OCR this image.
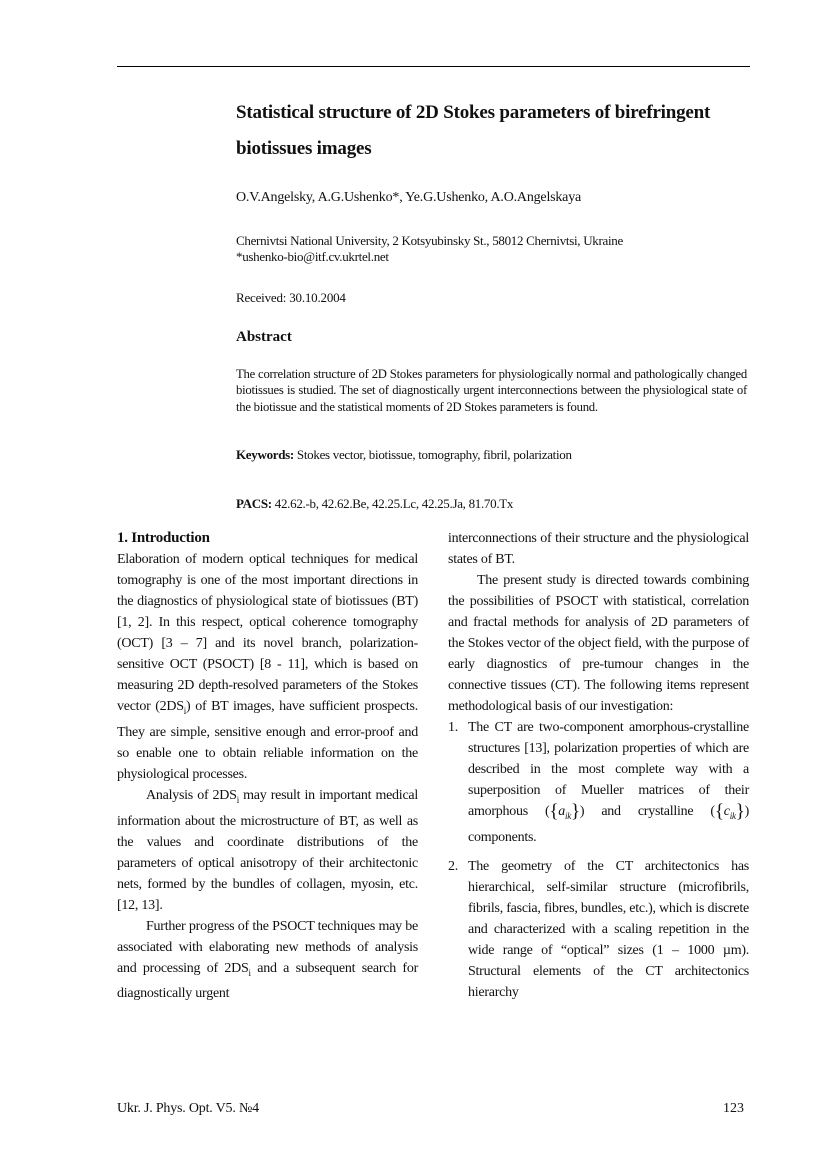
Statistical structure of 2D Stokes parameters of birefringent biotissues images
O.V.Angelsky, A.G.Ushenko*, Ye.G.Ushenko, A.O.Angelskaya
Chernivtsi National University, 2 Kotsyubinsky St., 58012 Chernivtsi, Ukraine
*ushenko-bio@itf.cv.ukrtel.net
Received: 30.10.2004
Abstract
The correlation structure of 2D Stokes parameters for physiologically normal and pathologically changed biotissues is studied. The set of diagnostically urgent interconnections between the physiological state of the biotissue and the statistical moments of 2D Stokes parameters is found.
Keywords: Stokes vector, biotissue, tomography, fibril, polarization
PACS: 42.62.-b, 42.62.Be, 42.25.Lc, 42.25.Ja, 81.70.Tx

1. Introduction

Elaboration of modern optical techniques for medical tomography is one of the most important directions in the diagnostics of physiological state of biotissues (BT) [1, 2]. In this respect, optical coherence tomography (OCT) [3 – 7] and its novel branch, polarization-sensitive OCT (PSOCT) [8 - 11], which is based on measuring 2D depth-resolved parameters of the Stokes vector $(2DS_i)$ of BT images, have sufficient prospects. They are simple, sensitive enough and error-proof and so enable one to obtain reliable information on the physiological processes.

Analysis of $2DS_i$ may result in important medical information about the microstructure of BT, as well as the values and coordinate distributions of the parameters of optical anisotropy of their architectonic nets, formed by the bundles of collagen, myosin, etc. [12, 13].

Further progress of the PSOCT techniques may be associated with elaborating new methods of analysis and processing of $2DS_i$ and a subsequent search for diagnostically urgent

interconnections of their structure and the physiological states of BT.

The present study is directed towards combining the possibilities of PSOCT with statistical, correlation and fractal methods for analysis of 2D parameters of the Stokes vector of the object field, with the purpose of early diagnostics of pre-tumour changes in the connective tissues (CT). The following items represent methodological basis of our investigation:

1. The CT are two-component amorphous-crystalline structures [13], polarization properties of which are described in the most complete way with a superposition of Mueller matrices of their amorphous $(\{a_{ik}\})$ and crystalline $(\{c_{ik}\})$ components.
2. The geometry of the CT architectonics has hierarchical, self-similar structure (microfibrils, fibrils, fascia, fibres, bundles, etc.), which is discrete and characterized with a scaling repetition in the wide range of “optical” sizes (1 – 1000 µm). Structural elements of the CT architectonics hierarchy
Ukr. J. Phys. Opt. V5. №4	123
